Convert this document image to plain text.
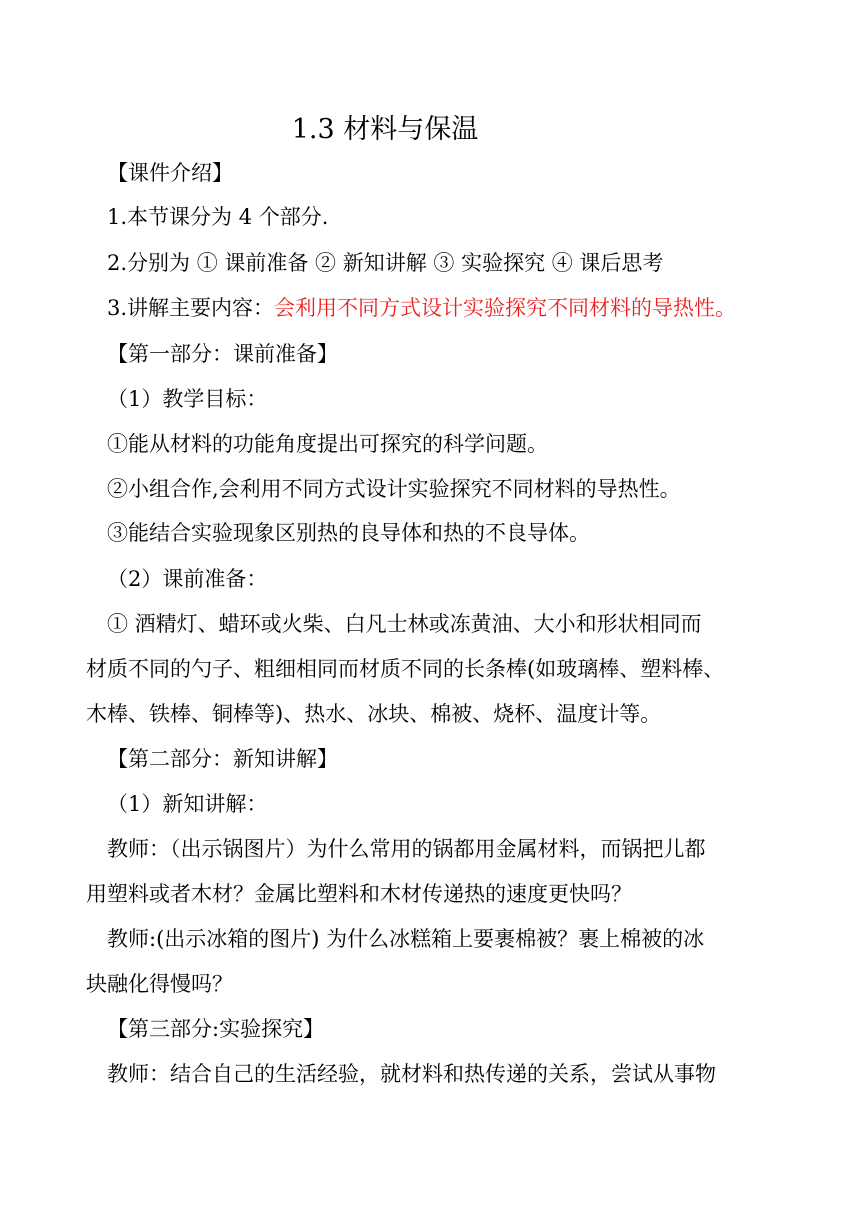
1.3 材料与保温
【课件介绍】
1.本节课分为 4 个部分.
2.分别为 ① 课前准备 ② 新知讲解 ③ 实验探究 ④ 课后思考
3.讲解主要内容：会利用不同方式设计实验探究不同材料的导热性。
【第一部分：课前准备】
（1）教学目标：
①能从材料的功能角度提出可探究的科学问题。
②小组合作,会利用不同方式设计实验探究不同材料的导热性。
③能结合实验现象区别热的良导体和热的不良导体。
（2）课前准备：
① 酒精灯、蜡环或火柴、白凡士林或冻黄油、大小和形状相同而
材质不同的勺子、粗细相同而材质不同的长条棒(如玻璃棒、塑料棒、
木棒、铁棒、铜棒等)、热水、冰块、棉被、烧杯、温度计等。
【第二部分：新知讲解】
（1）新知讲解：
教师：（出示锅图片）为什么常用的锅都用金属材料，而锅把儿都
用塑料或者木材？金属比塑料和木材传递热的速度更快吗？
教师:(出示冰箱的图片) 为什么冰糕箱上要裹棉被？裹上棉被的冰
块融化得慢吗？
【第三部分:实验探究】
教师：结合自己的生活经验，就材料和热传递的关系，尝试从事物
